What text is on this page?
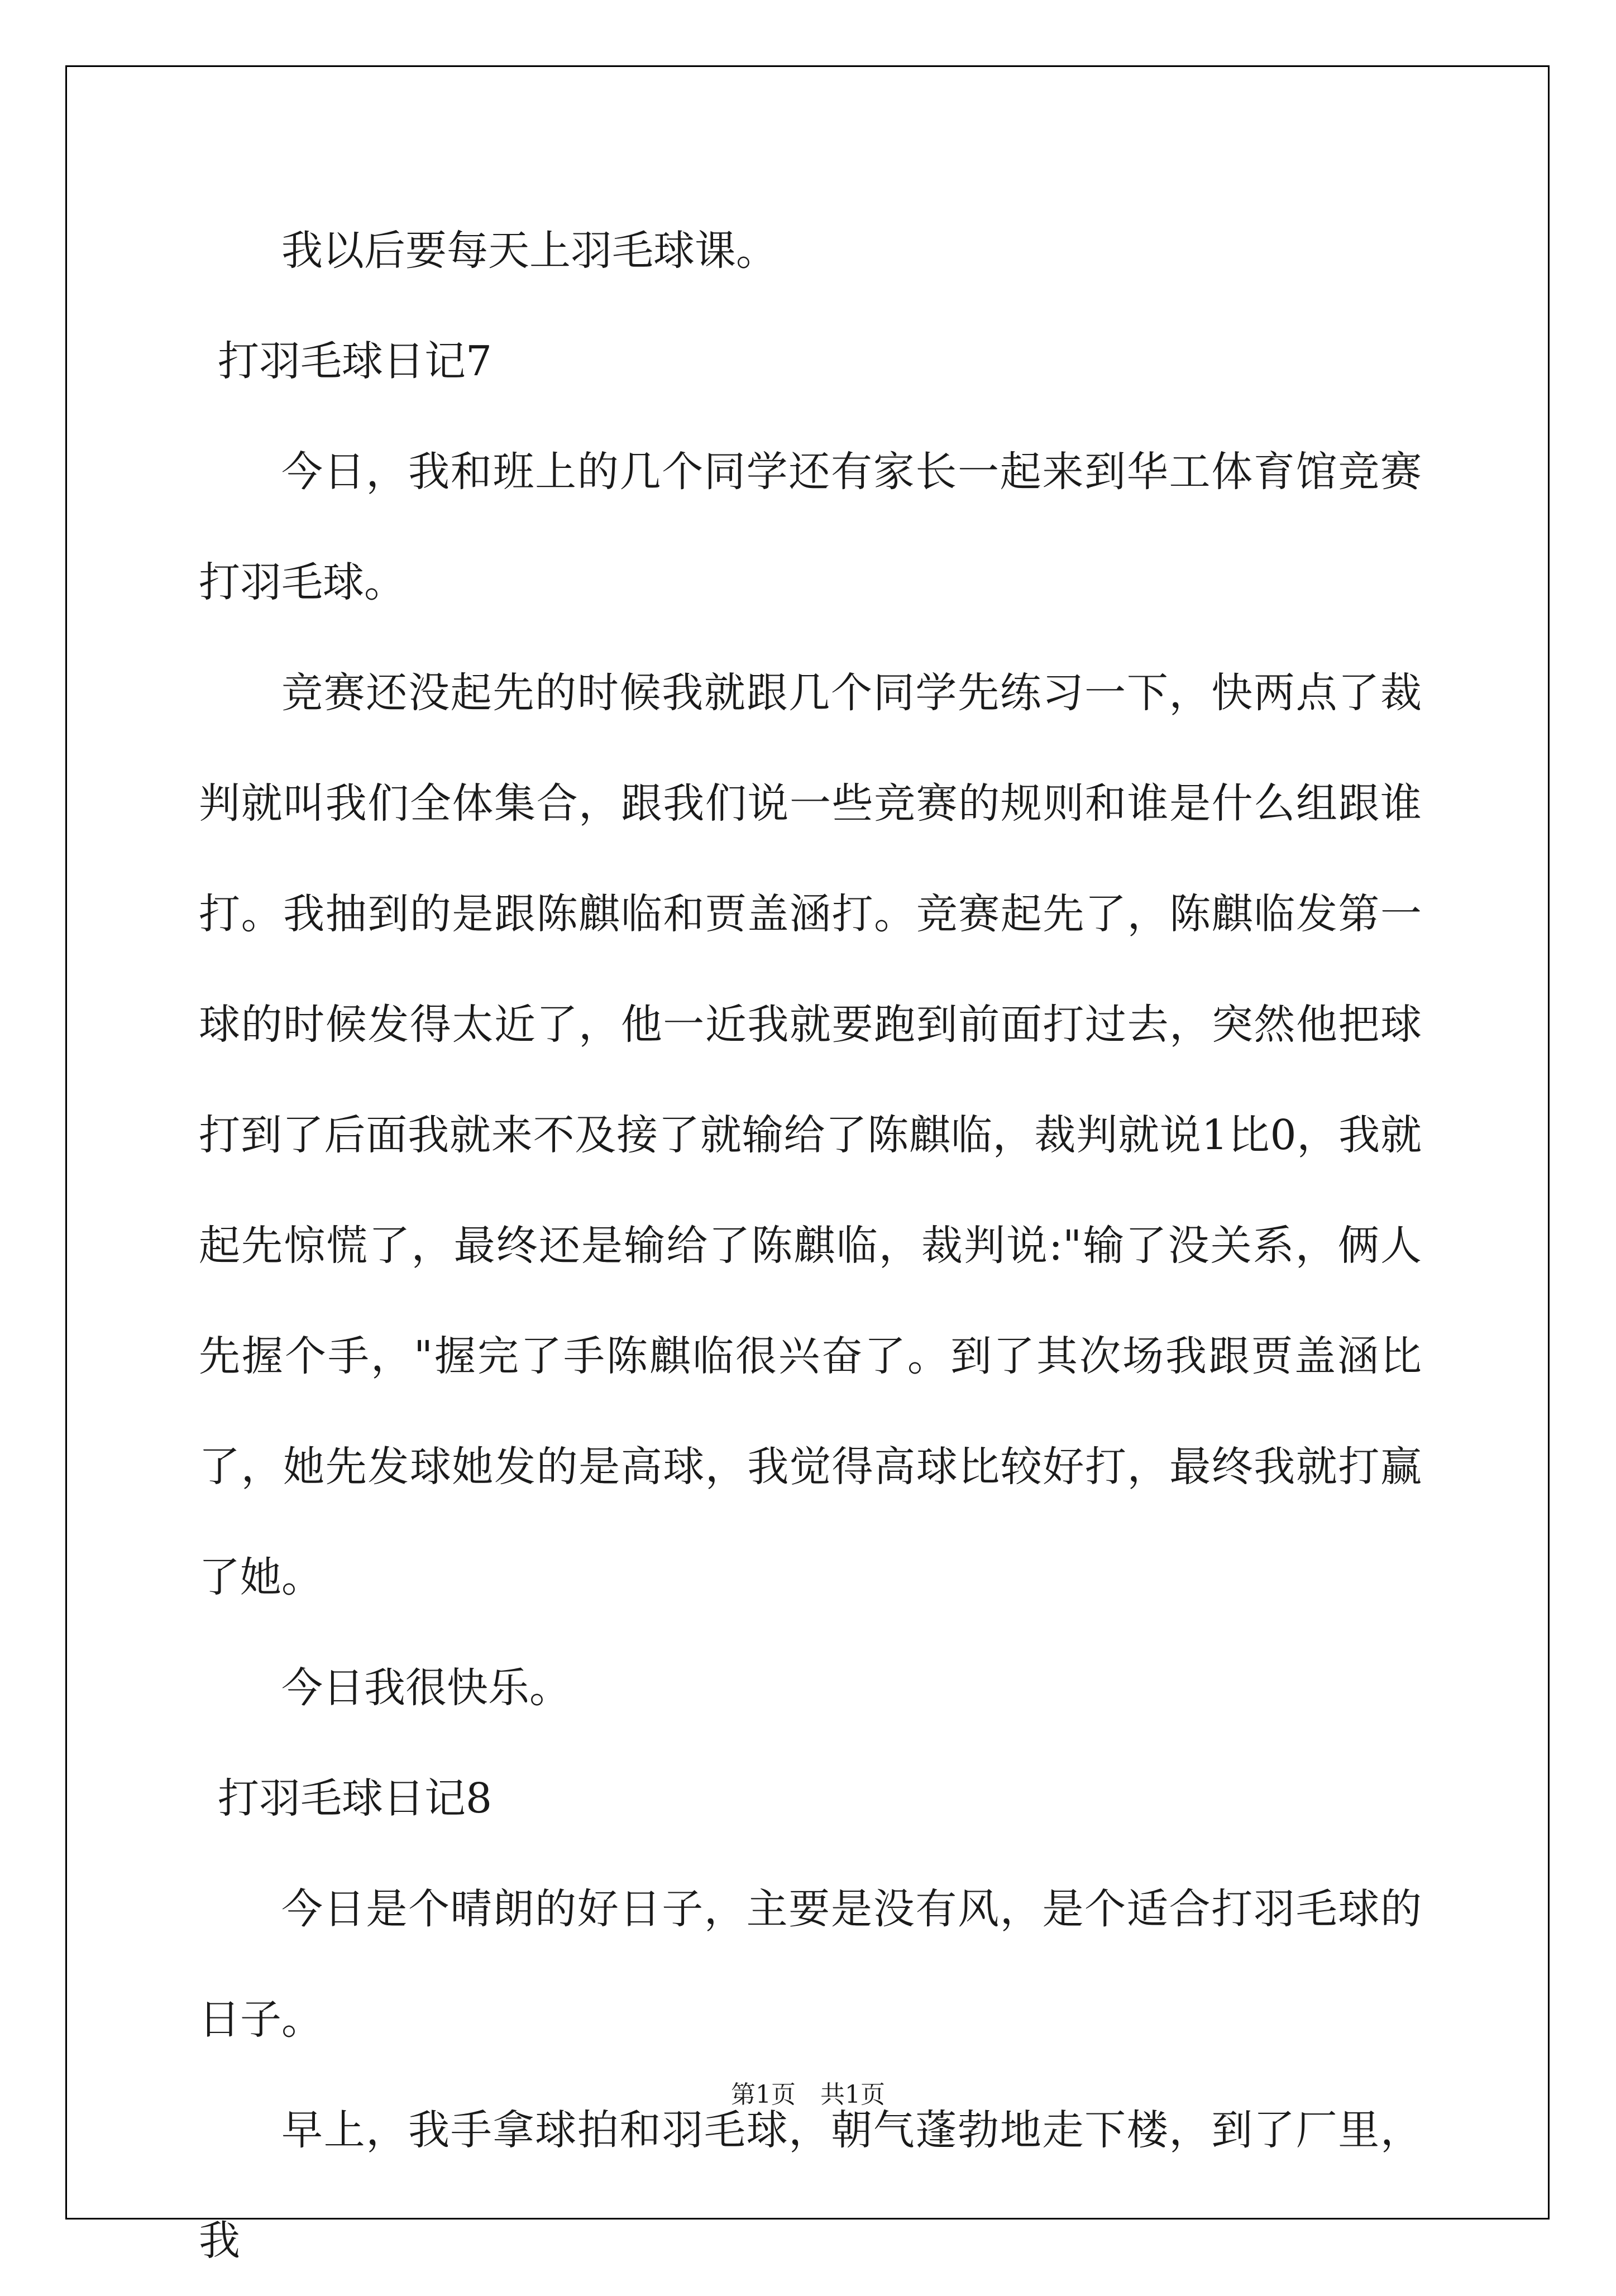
我以后要每天上羽毛球课。

打羽毛球日记7

今日，我和班上的几个同学还有家长一起来到华工体育馆竞赛打羽毛球。

竞赛还没起先的时候我就跟几个同学先练习一下，快两点了裁判就叫我们全体集合，跟我们说一些竞赛的规则和谁是什么组跟谁打。我抽到的是跟陈麒临和贾盖涵打。竞赛起先了，陈麒临发第一球的时候发得太近了，他一近我就要跑到前面打过去，突然他把球打到了后面我就来不及接了就输给了陈麒临，裁判就说1比0，我就起先惊慌了，最终还是输给了陈麒临，裁判说:"输了没关系，俩人先握个手，"握完了手陈麒临很兴奋了。到了其次场我跟贾盖涵比了，她先发球她发的是高球，我觉得高球比较好打，最终我就打赢了她。

今日我很快乐。

打羽毛球日记8

今日是个晴朗的好日子，主要是没有风，是个适合打羽毛球的日子。

早上，我手拿球拍和羽毛球，朝气蓬勃地走下楼，到了厂里，我

第1页　共1页
